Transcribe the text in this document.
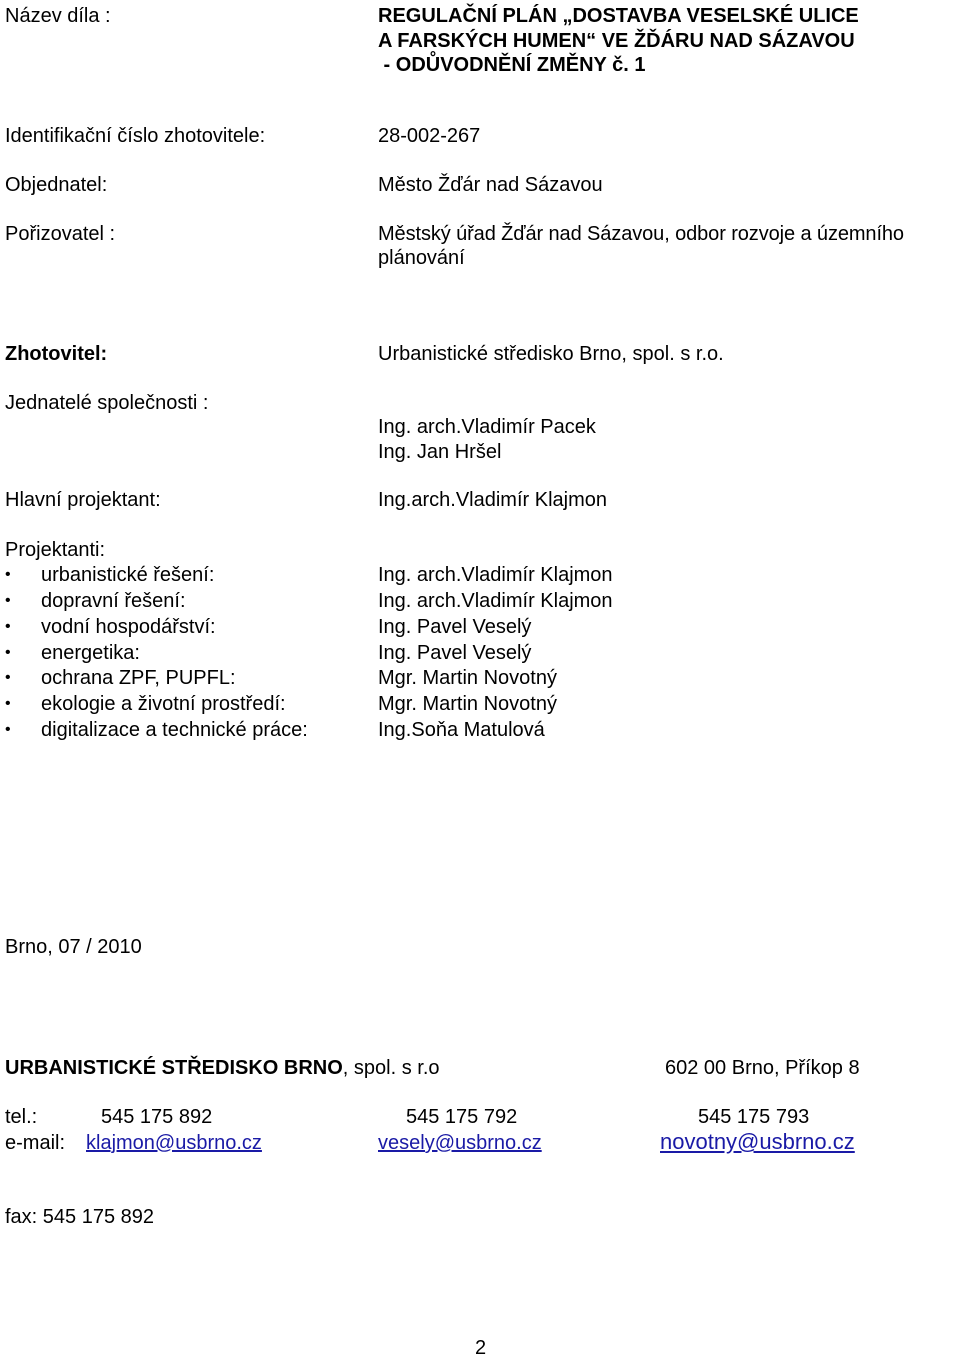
Název díla :	REGULAČNÍ PLÁN „DOSTAVBA VESELSKÉ ULICE
A FARSKÝCH HUMEN“ VE ŽĎÁRU NAD SÁZAVOU
- ODŮVODNĚNÍ ZMĚNY č. 1
Identifikační číslo zhotovitele:	28-002-267
Objednatel:	Město Žďár nad Sázavou
Pořizovatel :	Městský úřad Žďár nad Sázavou, odbor rozvoje a územního
plánování
Zhotovitel:	Urbanistické středisko Brno, spol. s r.o.
Jednatelé společnosti :
Ing. arch.Vladimír Pacek
Ing. Jan Hršel
Hlavní projektant:	Ing.arch.Vladimír Klajmon
Projektanti:
• urbanistické řešení:	Ing. arch.Vladimír Klajmon
• dopravní řešení:	Ing. arch.Vladimír Klajmon
• vodní hospodářství:	Ing. Pavel Veselý
• energetika:	Ing. Pavel Veselý
• ochrana ZPF, PUPFL:	Mgr. Martin Novotný
• ekologie a životní prostředí:	Mgr. Martin Novotný
• digitalizace a technické práce:	Ing.Soňa Matulová
Brno, 07 / 2010
URBANISTICKÉ STŘEDISKO BRNO, spol. s r.o	602 00 Brno, Příkop 8
tel.:	545 175 892	545 175 792	545 175 793
e-mail: klajmon@usbrno.cz	vesely@usbrno.cz	novotny@usbrno.cz
fax: 545 175 892
2
